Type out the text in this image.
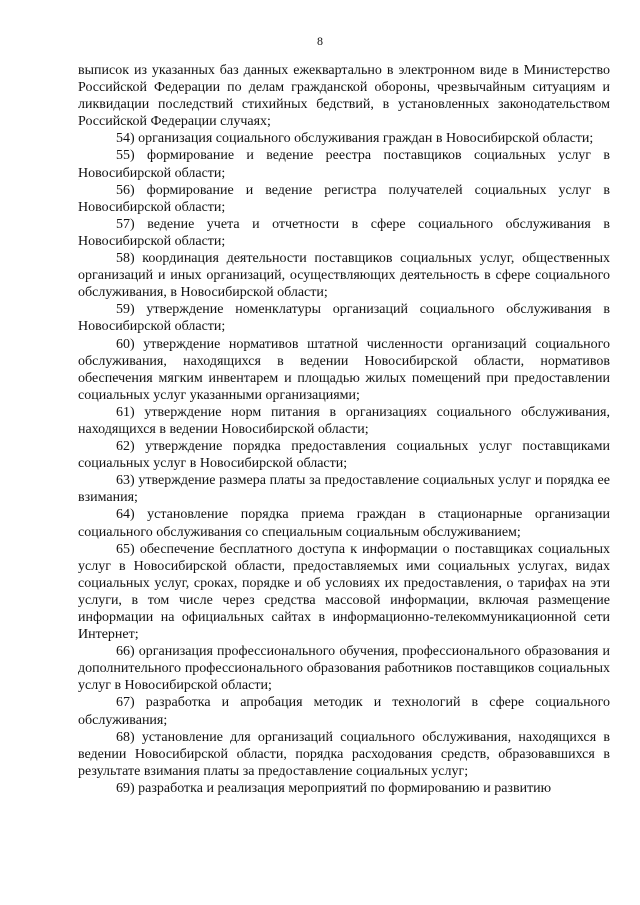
8

выписок из указанных баз данных ежеквартально в электронном виде в Министерство Российской Федерации по делам гражданской обороны, чрезвычайным ситуациям и ликвидации последствий стихийных бедствий, в установленных законодательством Российской Федерации случаях;

54) организация социального обслуживания граждан в Новосибирской области;

55) формирование и ведение реестра поставщиков социальных услуг в Новосибирской области;

56) формирование и ведение регистра получателей социальных услуг в Новосибирской области;

57) ведение учета и отчетности в сфере социального обслуживания в Новосибирской области;

58) координация деятельности поставщиков социальных услуг, общественных организаций и иных организаций, осуществляющих деятельность в сфере социального обслуживания, в Новосибирской области;

59) утверждение номенклатуры организаций социального обслуживания в Новосибирской области;

60) утверждение нормативов штатной численности организаций социального обслуживания, находящихся в ведении Новосибирской области, нормативов обеспечения мягким инвентарем и площадью жилых помещений при предоставлении социальных услуг указанными организациями;

61) утверждение норм питания в организациях социального обслуживания, находящихся в ведении Новосибирской области;

62) утверждение порядка предоставления социальных услуг поставщиками социальных услуг в Новосибирской области;

63) утверждение размера платы за предоставление социальных услуг и порядка ее взимания;

64) установление порядка приема граждан в стационарные организации социального обслуживания со специальным социальным обслуживанием;

65) обеспечение бесплатного доступа к информации о поставщиках социальных услуг в Новосибирской области, предоставляемых ими социальных услугах, видах социальных услуг, сроках, порядке и об условиях их предоставления, о тарифах на эти услуги, в том числе через средства массовой информации, включая размещение информации на официальных сайтах в информационно-телекоммуникационной сети Интернет;

66) организация профессионального обучения, профессионального образования и дополнительного профессионального образования работников поставщиков социальных услуг в Новосибирской области;

67) разработка и апробация методик и технологий в сфере социального обслуживания;

68) установление для организаций социального обслуживания, находящихся в ведении Новосибирской области, порядка расходования средств, образовавшихся в результате взимания платы за предоставление социальных услуг;

69) разработка и реализация мероприятий по формированию и развитию
